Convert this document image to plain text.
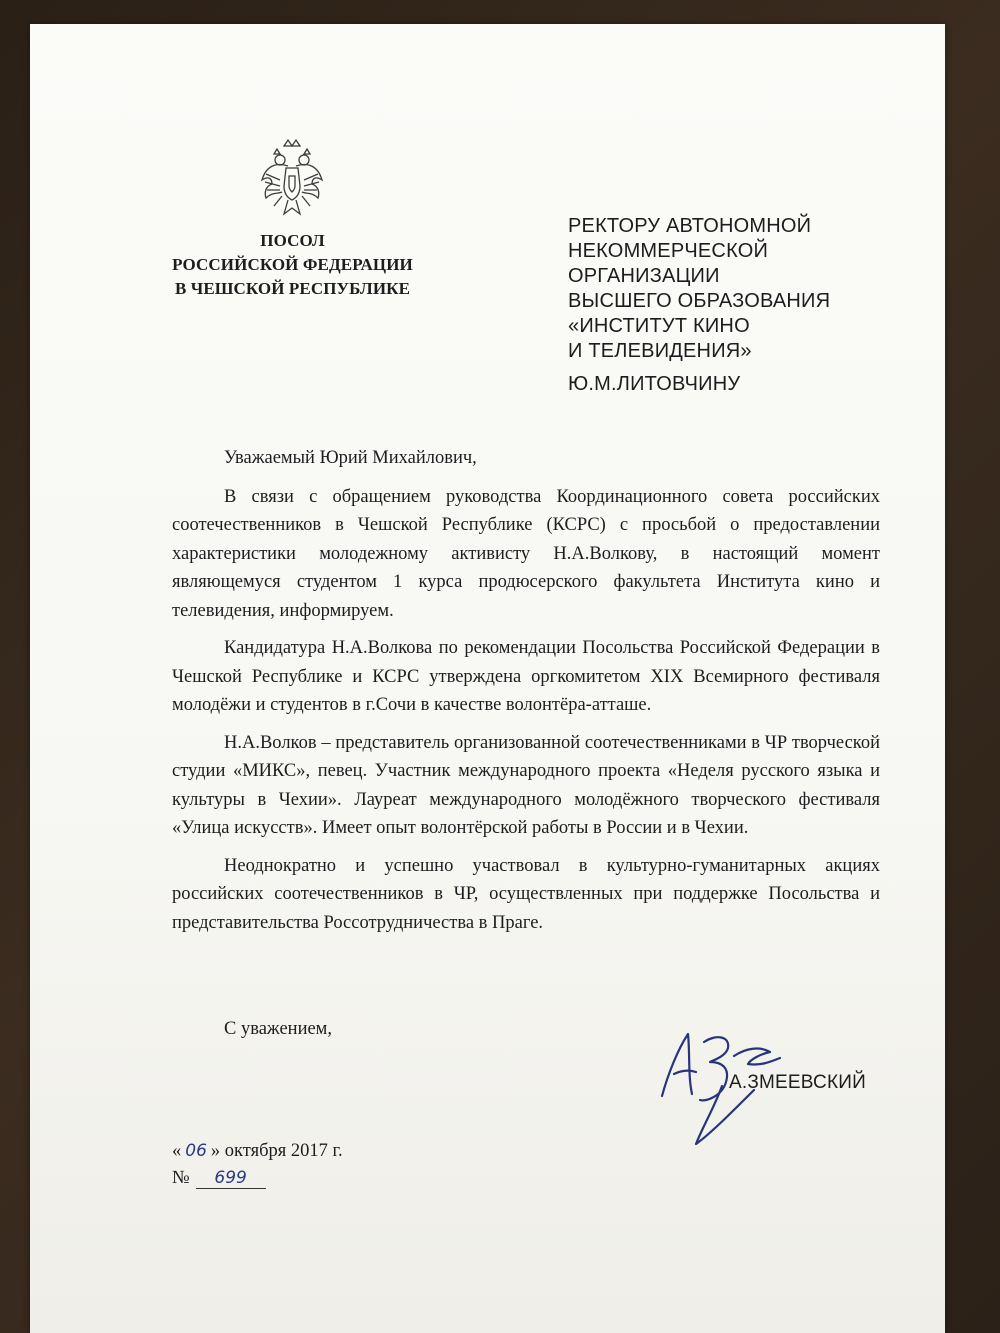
ПОСОЛ
РОССИЙСКОЙ ФЕДЕРАЦИИ
В ЧЕШСКОЙ РЕСПУБЛИКЕ
РЕКТОРУ АВТОНОМНОЙ
НЕКОММЕРЧЕСКОЙ
ОРГАНИЗАЦИИ
ВЫСШЕГО ОБРАЗОВАНИЯ
«ИНСТИТУТ КИНО
И ТЕЛЕВИДЕНИЯ»
Ю.М.ЛИТОВЧИНУ

Уважаемый Юрий Михайлович,

В связи с обращением руководства Координационного совета российских соотечественников в Чешской Республике (КСРС) с просьбой о предоставлении характеристики молодежному активисту Н.А.Волкову, в настоящий момент являющемуся студентом 1 курса продюсерского факультета Института кино и телевидения, информируем.

Кандидатура Н.А.Волкова по рекомендации Посольства Российской Федерации в Чешской Республике и КСРС утверждена оргкомитетом XIX Всемирного фестиваля молодёжи и студентов в г.Сочи в качестве волонтёра-атташе.

Н.А.Волков – представитель организованной соотечественниками в ЧР творческой студии «МИКС», певец. Участник международного проекта «Неделя русского языка и культуры в Чехии». Лауреат международного молодёжного творческого фестиваля «Улица искусств». Имеет опыт волонтёрской работы в России и в Чехии.

Неоднократно и успешно участвовал в культурно-гуманитарных акциях российских соотечественников в ЧР, осуществленных при поддержке Посольства и представительства Россотрудничества в Праге.

С уважением,
А.ЗМЕЕВСКИЙ
« 06 » октября 2017 г.
№ 699
